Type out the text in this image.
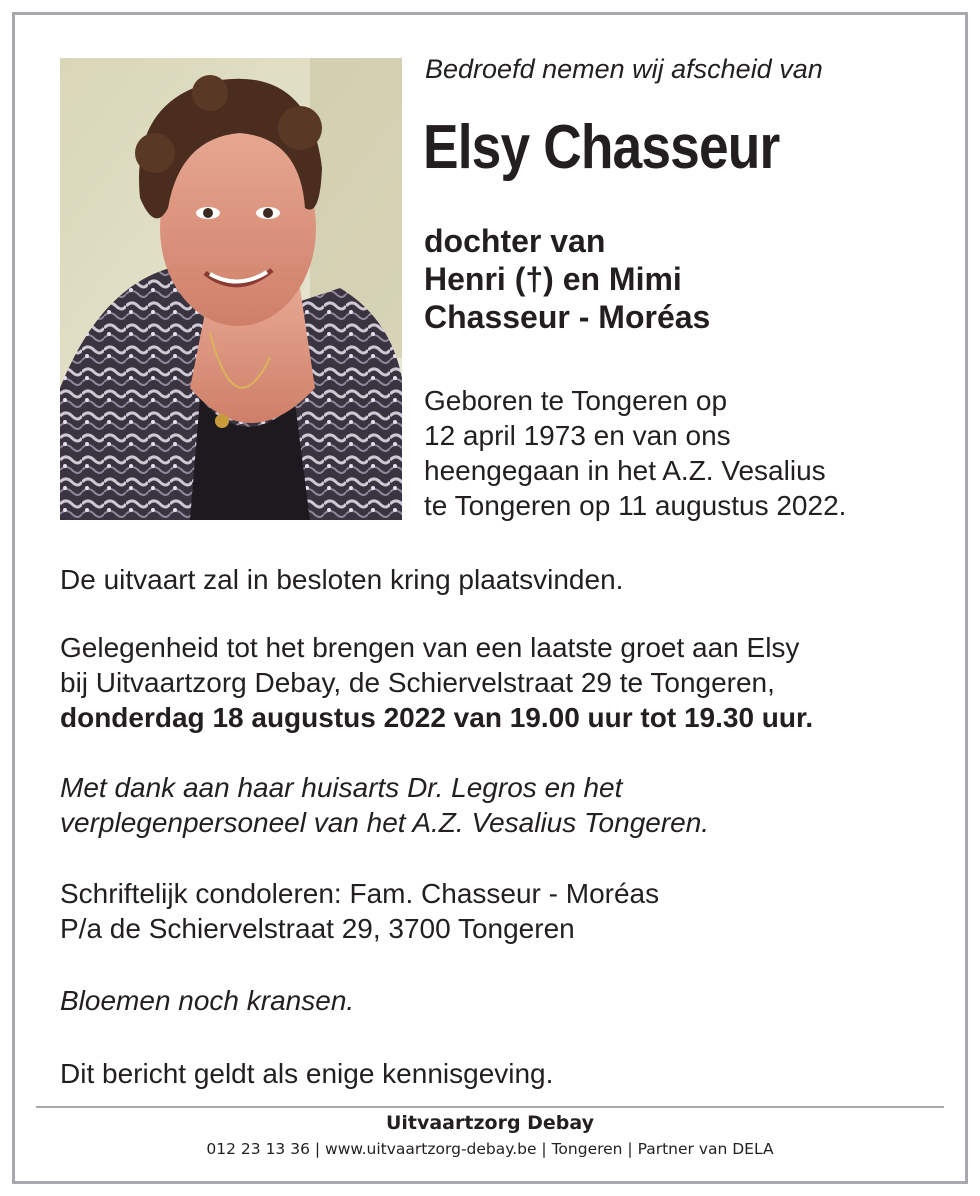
Bedroefd nemen wij afscheid van
Elsy Chasseur
dochter van
Henri (†) en Mimi
Chasseur - Moréas
Geboren te Tongeren op
12 april 1973 en van ons
heengegaan in het A.Z. Vesalius
te Tongeren op 11 augustus 2022.
De uitvaart zal in besloten kring plaatsvinden.
Gelegenheid tot het brengen van een laatste groet aan Elsy
bij Uitvaartzorg Debay, de Schiervelstraat 29 te Tongeren,
donderdag 18 augustus 2022 van 19.00 uur tot 19.30 uur.
Met dank aan haar huisarts Dr. Legros en het
verplegenpersoneel van het A.Z. Vesalius Tongeren.
Schriftelijk condoleren: Fam. Chasseur - Moréas
P/a de Schiervelstraat 29, 3700 Tongeren
Bloemen noch kransen.
Dit bericht geldt als enige kennisgeving.
Uitvaartzorg Debay
012 23 13 36 | www.uitvaartzorg-debay.be | Tongeren | Partner van DELA
